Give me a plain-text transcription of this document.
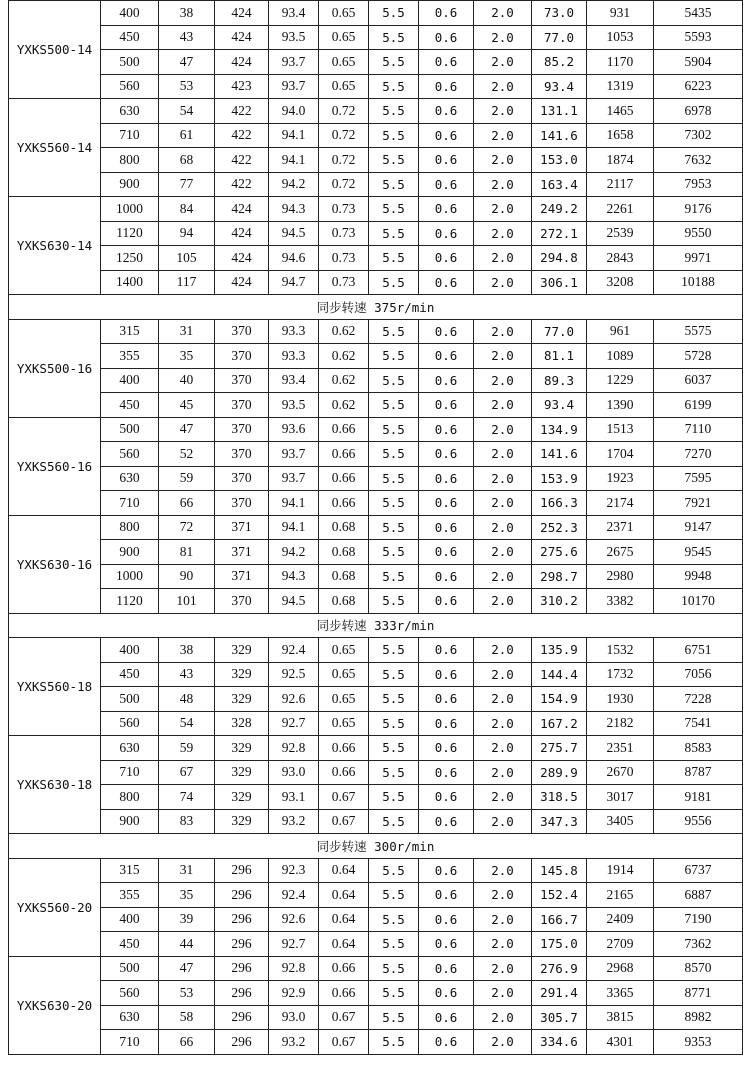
YXKS500-14	400	38	424	93.4	0.65	5.5	0.6	2.0	73.0	931	5435	
	450	43	424	93.5	0.65	5.5	0.6	2.0	77.0	1053	5593	
	500	47	424	93.7	0.65	5.5	0.6	2.0	85.2	1170	5904	
	560	53	423	93.7	0.65	5.5	0.6	2.0	93.4	1319	6223	
YXKS560-14	630	54	422	94.0	0.72	5.5	0.6	2.0	131.1	1465	6978	
	710	61	422	94.1	0.72	5.5	0.6	2.0	141.6	1658	7302	
	800	68	422	94.1	0.72	5.5	0.6	2.0	153.0	1874	7632	
	900	77	422	94.2	0.72	5.5	0.6	2.0	163.4	2117	7953	
YXKS630-14	1000	84	424	94.3	0.73	5.5	0.6	2.0	249.2	2261	9176	
	1120	94	424	94.5	0.73	5.5	0.6	2.0	272.1	2539	9550	
	1250	105	424	94.6	0.73	5.5	0.6	2.0	294.8	2843	9971	
	1400	117	424	94.7	0.73	5.5	0.6	2.0	306.1	3208	10188	
同步转速 375r/min												
YXKS500-16	315	31	370	93.3	0.62	5.5	0.6	2.0	77.0	961	5575	
	355	35	370	93.3	0.62	5.5	0.6	2.0	81.1	1089	5728	
	400	40	370	93.4	0.62	5.5	0.6	2.0	89.3	1229	6037	
	450	45	370	93.5	0.62	5.5	0.6	2.0	93.4	1390	6199	
YXKS560-16	500	47	370	93.6	0.66	5.5	0.6	2.0	134.9	1513	7110	
	560	52	370	93.7	0.66	5.5	0.6	2.0	141.6	1704	7270	
	630	59	370	93.7	0.66	5.5	0.6	2.0	153.9	1923	7595	
	710	66	370	94.1	0.66	5.5	0.6	2.0	166.3	2174	7921	
YXKS630-16	800	72	371	94.1	0.68	5.5	0.6	2.0	252.3	2371	9147	
	900	81	371	94.2	0.68	5.5	0.6	2.0	275.6	2675	9545	
	1000	90	371	94.3	0.68	5.5	0.6	2.0	298.7	2980	9948	
	1120	101	370	94.5	0.68	5.5	0.6	2.0	310.2	3382	10170	
同步转速 333r/min												
YXKS560-18	400	38	329	92.4	0.65	5.5	0.6	2.0	135.9	1532	6751	
	450	43	329	92.5	0.65	5.5	0.6	2.0	144.4	1732	7056	
	500	48	329	92.6	0.65	5.5	0.6	2.0	154.9	1930	7228	
	560	54	328	92.7	0.65	5.5	0.6	2.0	167.2	2182	7541	
YXKS630-18	630	59	329	92.8	0.66	5.5	0.6	2.0	275.7	2351	8583	
	710	67	329	93.0	0.66	5.5	0.6	2.0	289.9	2670	8787	
	800	74	329	93.1	0.67	5.5	0.6	2.0	318.5	3017	9181	
	900	83	329	93.2	0.67	5.5	0.6	2.0	347.3	3405	9556	
同步转速 300r/min												
YXKS560-20	315	31	296	92.3	0.64	5.5	0.6	2.0	145.8	1914	6737	
	355	35	296	92.4	0.64	5.5	0.6	2.0	152.4	2165	6887	
	400	39	296	92.6	0.64	5.5	0.6	2.0	166.7	2409	7190	
	450	44	296	92.7	0.64	5.5	0.6	2.0	175.0	2709	7362	
YXKS630-20	500	47	296	92.8	0.66	5.5	0.6	2.0	276.9	2968	8570	
	560	53	296	92.9	0.66	5.5	0.6	2.0	291.4	3365	8771	
	630	58	296	93.0	0.67	5.5	0.6	2.0	305.7	3815	8982	
	710	66	296	93.2	0.67	5.5	0.6	2.0	334.6	4301	9353	
